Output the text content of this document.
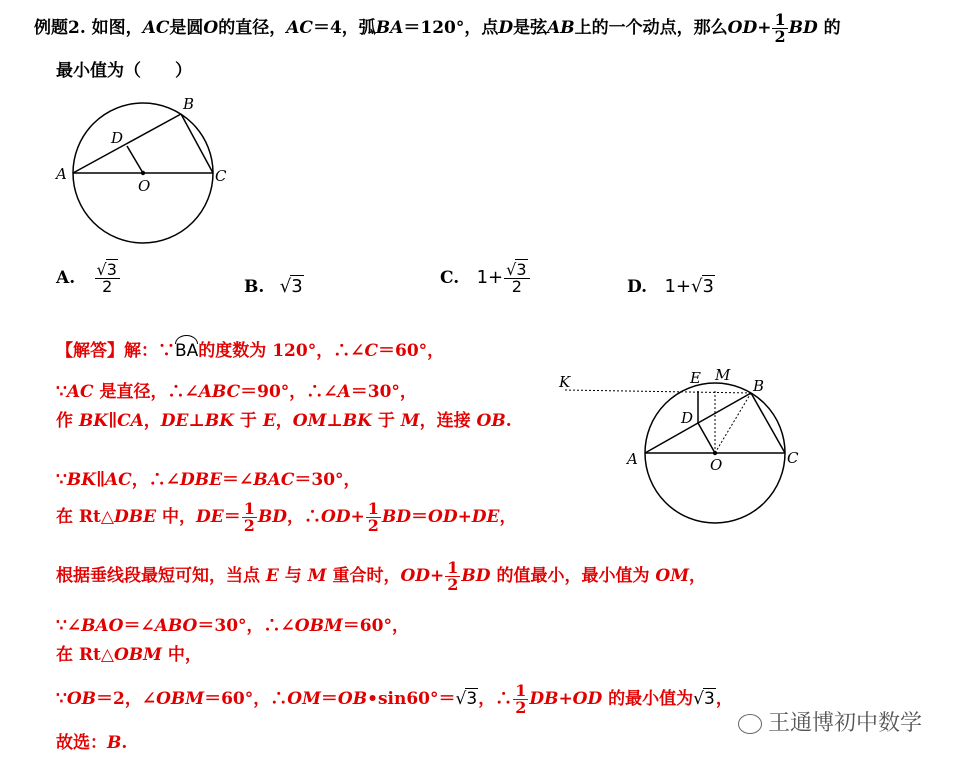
例题2. 如图，AC是圆O的直径，AC＝4，弧BA＝120°，点D是弦AB上的一个动点，那么$OD+ \frac{1}{2}$ BD 的
最小值为（　　）
A
B
C
D
O
A. $\frac{√3}{2}$	B. √3	C. $1+ \frac{√3}{2}$	D. 1+√3
【解答】解：∵BA的度数为 120°，∴∠C＝60°，
∵AC 是直径，∴∠ABC＝90°，∴∠A＝30°，
作 BK∥CA，DE⊥BK 于 E，OM⊥BK 于 M，连接 OB.
∵BK∥AC，∴∠DBE＝∠BAC＝30°，
在 Rt△DBE 中，$DE= \frac{1}{2}$ BD，∴OD+ $\frac{1}{2} BD=OD+DE$，
根据垂线段最短可知，当点 E 与 M 重合时，$OD+ \frac{1}{2}$ BD 的值最小，最小值为 OM，
∵∠BAO＝∠ABO＝30°，∴∠OBM＝60°，
在 Rt△OBM 中，
∵OB＝2，∠OBM＝60°，∴OM＝OB•sin60°＝√3，∴ $\frac{1}{2} DB+OD$ 的最小值为√3，
故选：B.
K	E M
B
D
A	O	C
王通博初中数学
